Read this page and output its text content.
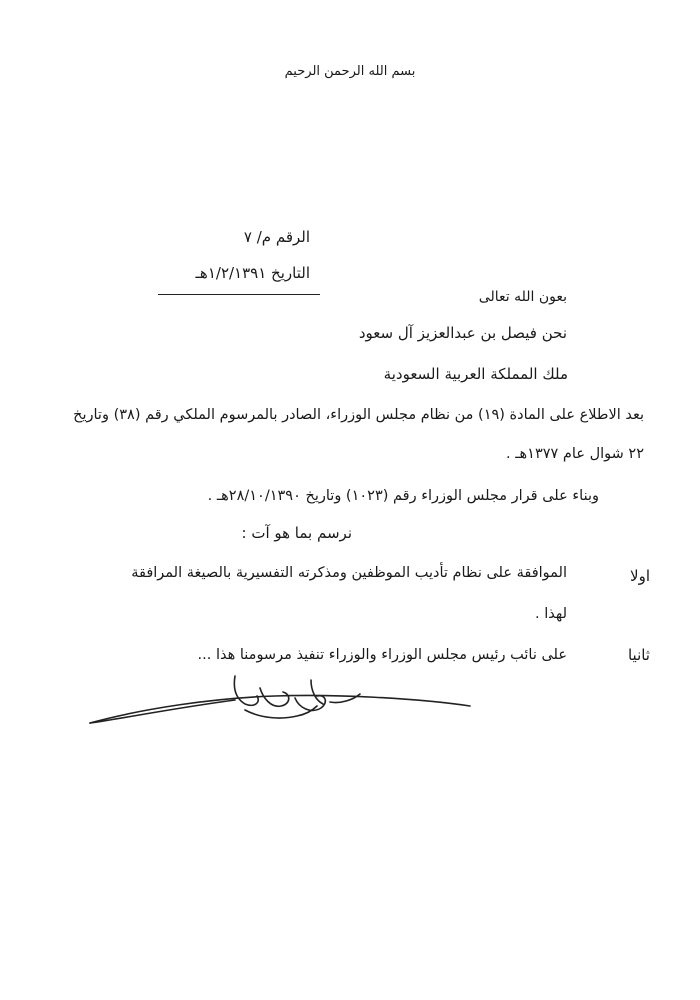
بسم الله الرحمن الرحيم
الرقم م/ ٧
التاريخ ١/٢/١٣٩١هـ
بعون الله تعالى
نحن فيصل بن عبدالعزيز آل سعود
ملك المملكة العربية السعودية
بعد الاطلاع على المادة (١٩) من نظام مجلس الوزراء، الصادر بالمرسوم الملكي رقم (٣٨) وتاريخ
٢٢ شوال عام ١٣٧٧هـ .
وبناء على قرار مجلس الوزراء رقم (١٠٢٣) وتاريخ ٢٨/١٠/١٣٩٠هـ .
نرسم بما هو آت :
اولا
الموافقة على نظام تأديب الموظفين ومذكرته التفسيرية بالصيغة المرافقة
لهذا .
ثانيا
على نائب رئيس مجلس الوزراء والوزراء تنفيذ مرسومنا هذا ...
